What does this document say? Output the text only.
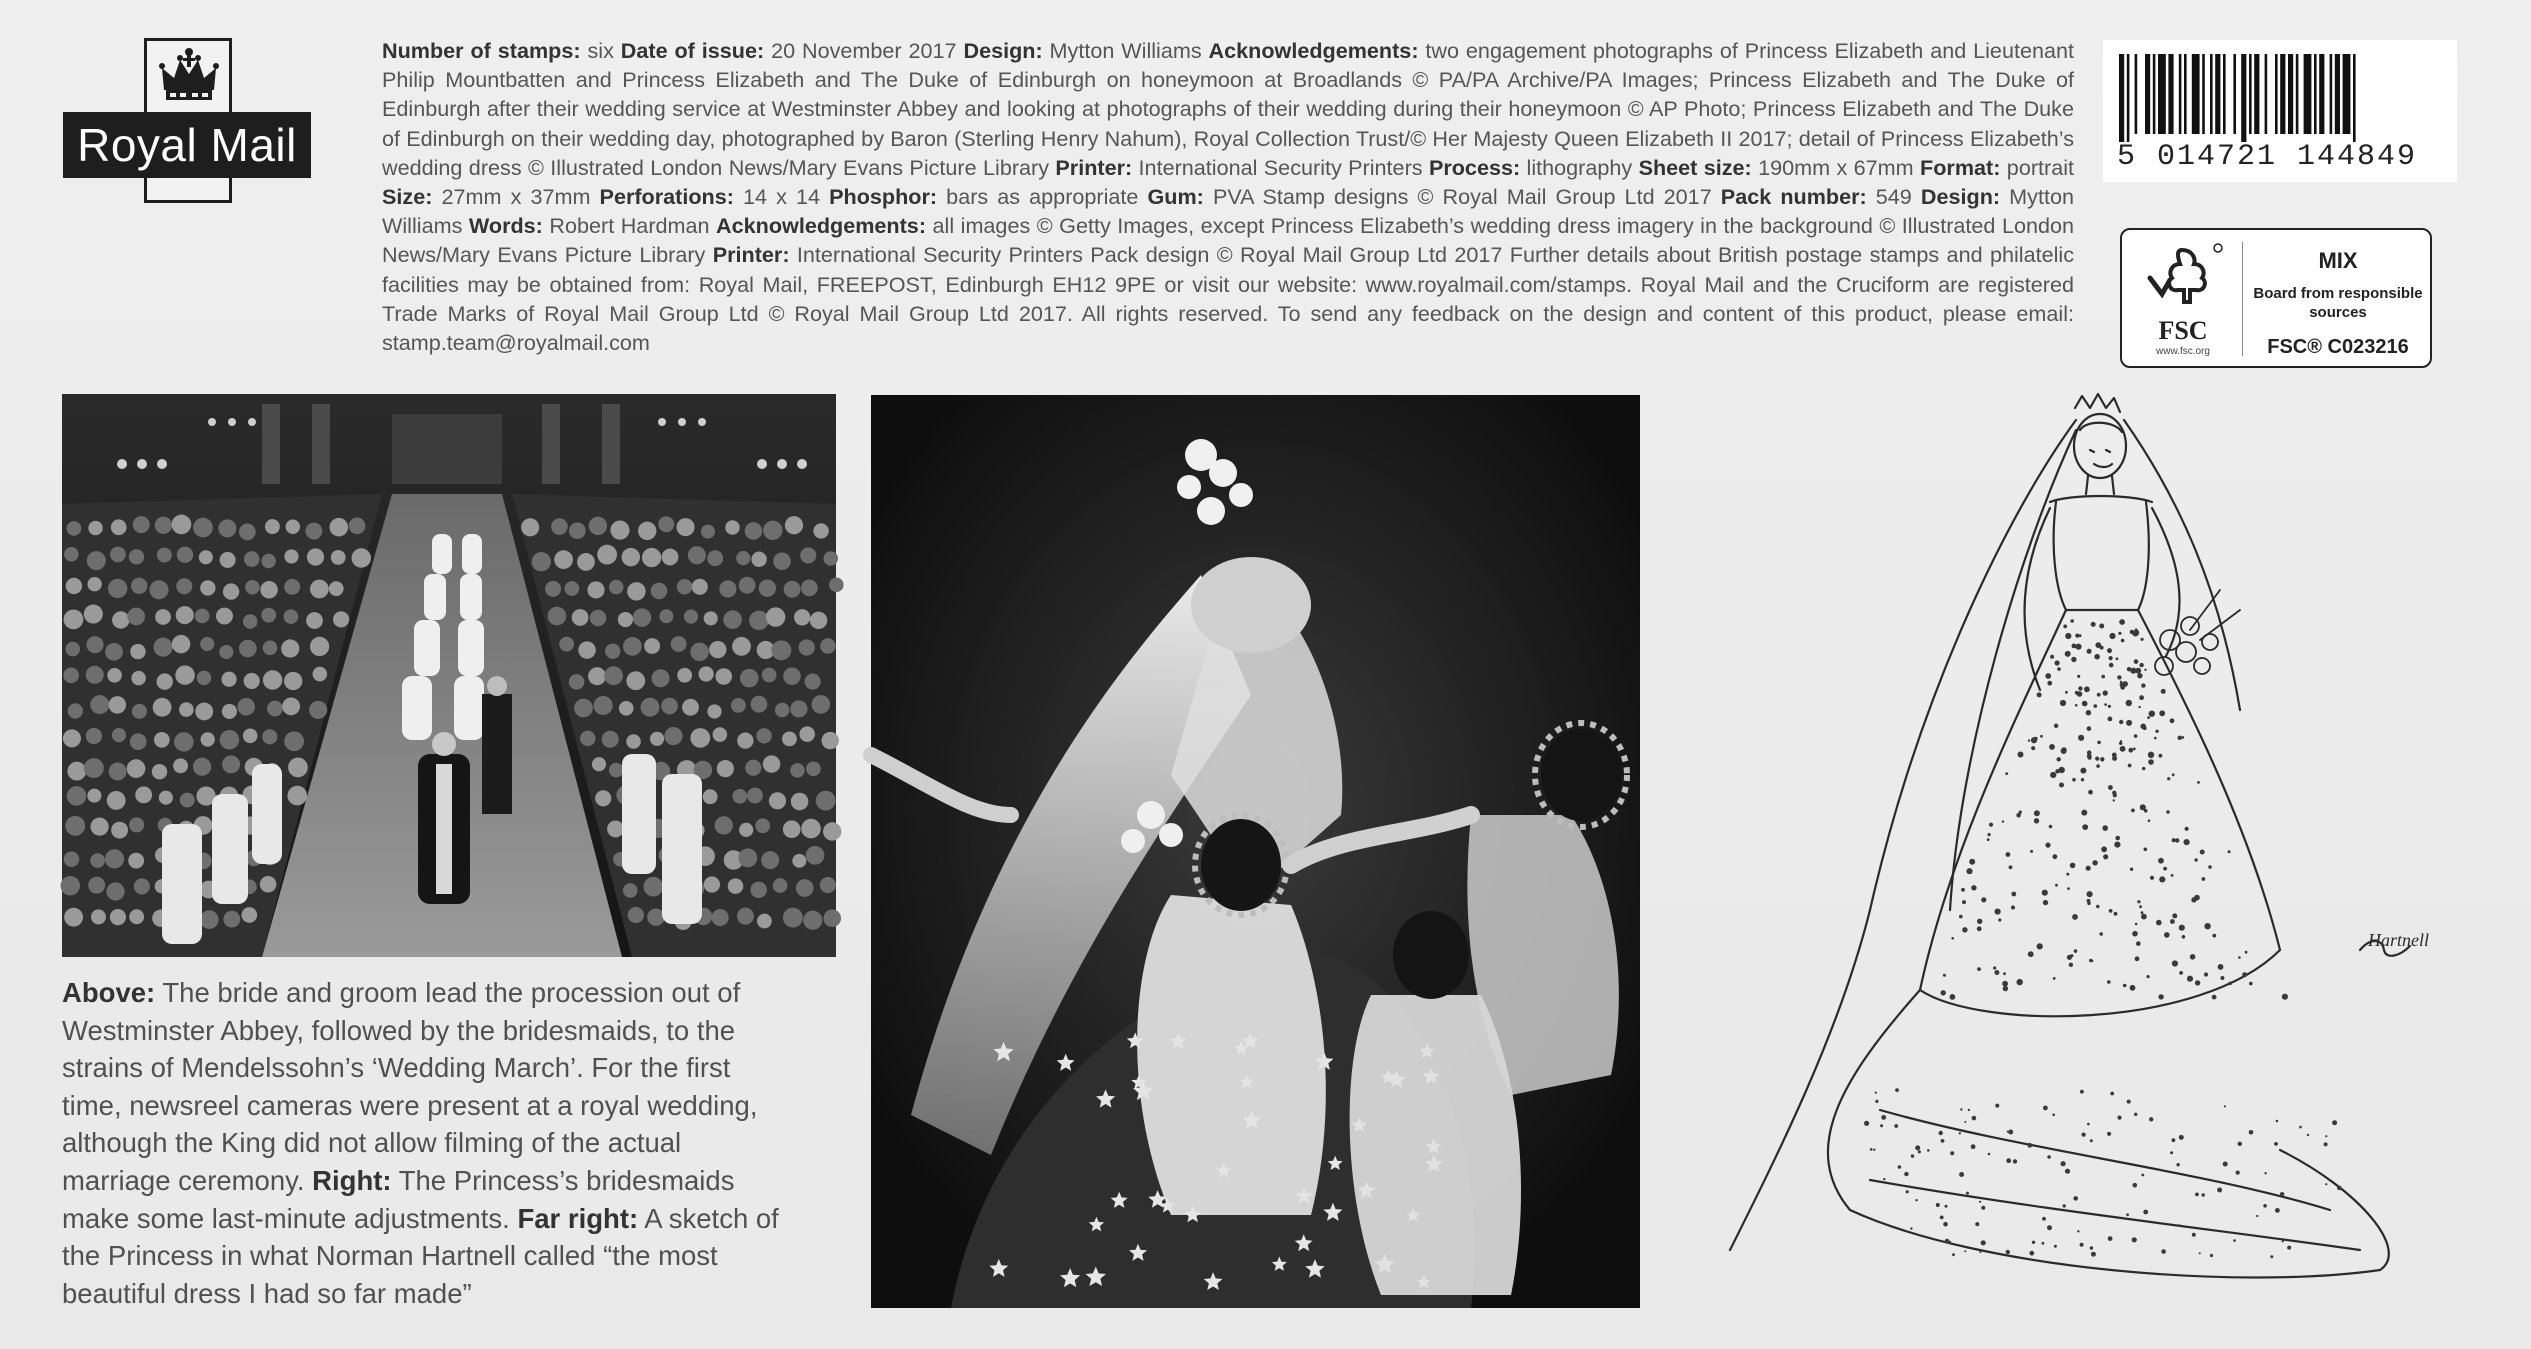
Royal Mail
Number of stamps: six Date of issue: 20 November 2017 Design: Mytton Williams Acknowledgements: two engagement photographs of Princess Elizabeth and Lieutenant Philip Mountbatten and Princess Elizabeth and The Duke of Edinburgh on honeymoon at Broadlands © PA/PA Archive/PA Images; Princess Elizabeth and The Duke of Edinburgh after their wedding service at Westminster Abbey and looking at photographs of their wedding during their honeymoon © AP Photo; Princess Elizabeth and The Duke of Edinburgh on their wedding day, photographed by Baron (Sterling Henry Nahum), Royal Collection Trust/© Her Majesty Queen Elizabeth II 2017; detail of Princess Elizabeth’s wedding dress © Illustrated London News/Mary Evans Picture Library Printer: International Security Printers Process: lithography Sheet size: 190mm x 67mm Format: portrait Size: 27mm x 37mm Perforations: 14 x 14 Phosphor: bars as appropriate Gum: PVA Stamp designs © Royal Mail Group Ltd 2017 Pack number: 549 Design: Mytton Williams Words: Robert Hardman Acknowledgements: all images © Getty Images, except Princess Elizabeth’s wedding dress imagery in the background © Illustrated London News/Mary Evans Picture Library Printer: International Security Printers Pack design © Royal Mail Group Ltd 2017 Further details about British postage stamps and philatelic facilities may be obtained from: Royal Mail, FREEPOST, Edinburgh EH12 9PE or visit our website: www.royalmail.com/stamps. Royal Mail and the Cruciform are registered Trade Marks of Royal Mail Group Ltd © Royal Mail Group Ltd 2017. All rights reserved. To send any feedback on the design and content of this product, please email: stamp.team@royalmail.com
5 014721 144849
FSC
www.fsc.org
MIX
Board from responsible sources
FSC® C023216
Above: The bride and groom lead the procession out of Westminster Abbey, followed by the bridesmaids, to the strains of Mendelssohn’s ‘Wedding March’. For the first time, newsreel cameras were present at a royal wedding, although the King did not allow filming of the actual marriage ceremony. Right: The Princess’s bridesmaids make some last-minute adjustments. Far right: A sketch of the Princess in what Norman Hartnell called “the most beautiful dress I had so far made”
Hartnell
